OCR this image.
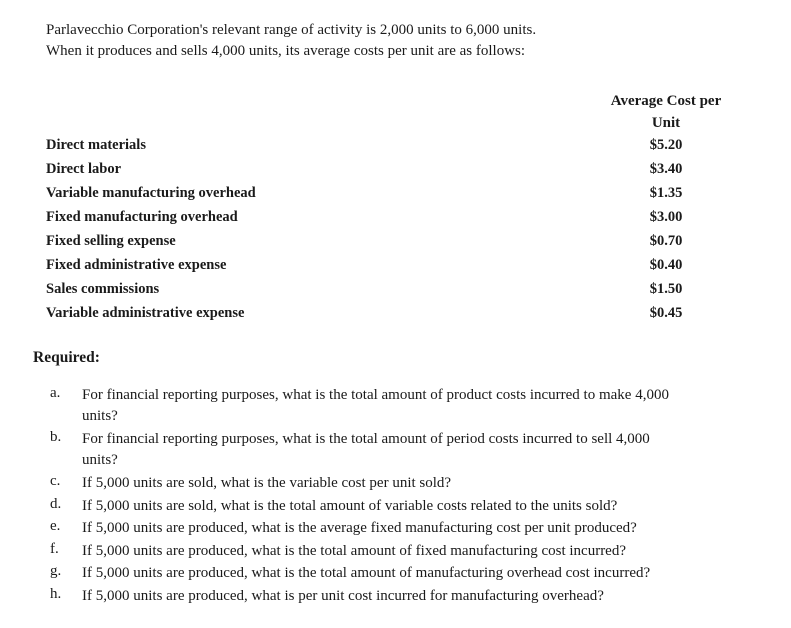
Parlavecchio Corporation's relevant range of activity is 2,000 units to 6,000 units.
When it produces and sells 4,000 units, its average costs per unit are as follows:
Average Cost per
Unit
Direct materials	$5.20
Direct labor	$3.40
Variable manufacturing overhead	$1.35
Fixed manufacturing overhead	$3.00
Fixed selling expense	$0.70
Fixed administrative expense	$0.40
Sales commissions	$1.50
Variable administrative expense	$0.45
Required:
a.	For financial reporting purposes, what is the total amount of product costs incurred to make 4,000
units?
b.	For financial reporting purposes, what is the total amount of period costs incurred to sell 4,000
units?
c.	If 5,000 units are sold, what is the variable cost per unit sold?
d.	If 5,000 units are sold, what is the total amount of variable costs related to the units sold?
e.	If 5,000 units are produced, what is the average fixed manufacturing cost per unit produced?
f.	If 5,000 units are produced, what is the total amount of fixed manufacturing cost incurred?
g.	If 5,000 units are produced, what is the total amount of manufacturing overhead cost incurred?
h.	If 5,000 units are produced, what is per unit cost incurred for manufacturing overhead?
